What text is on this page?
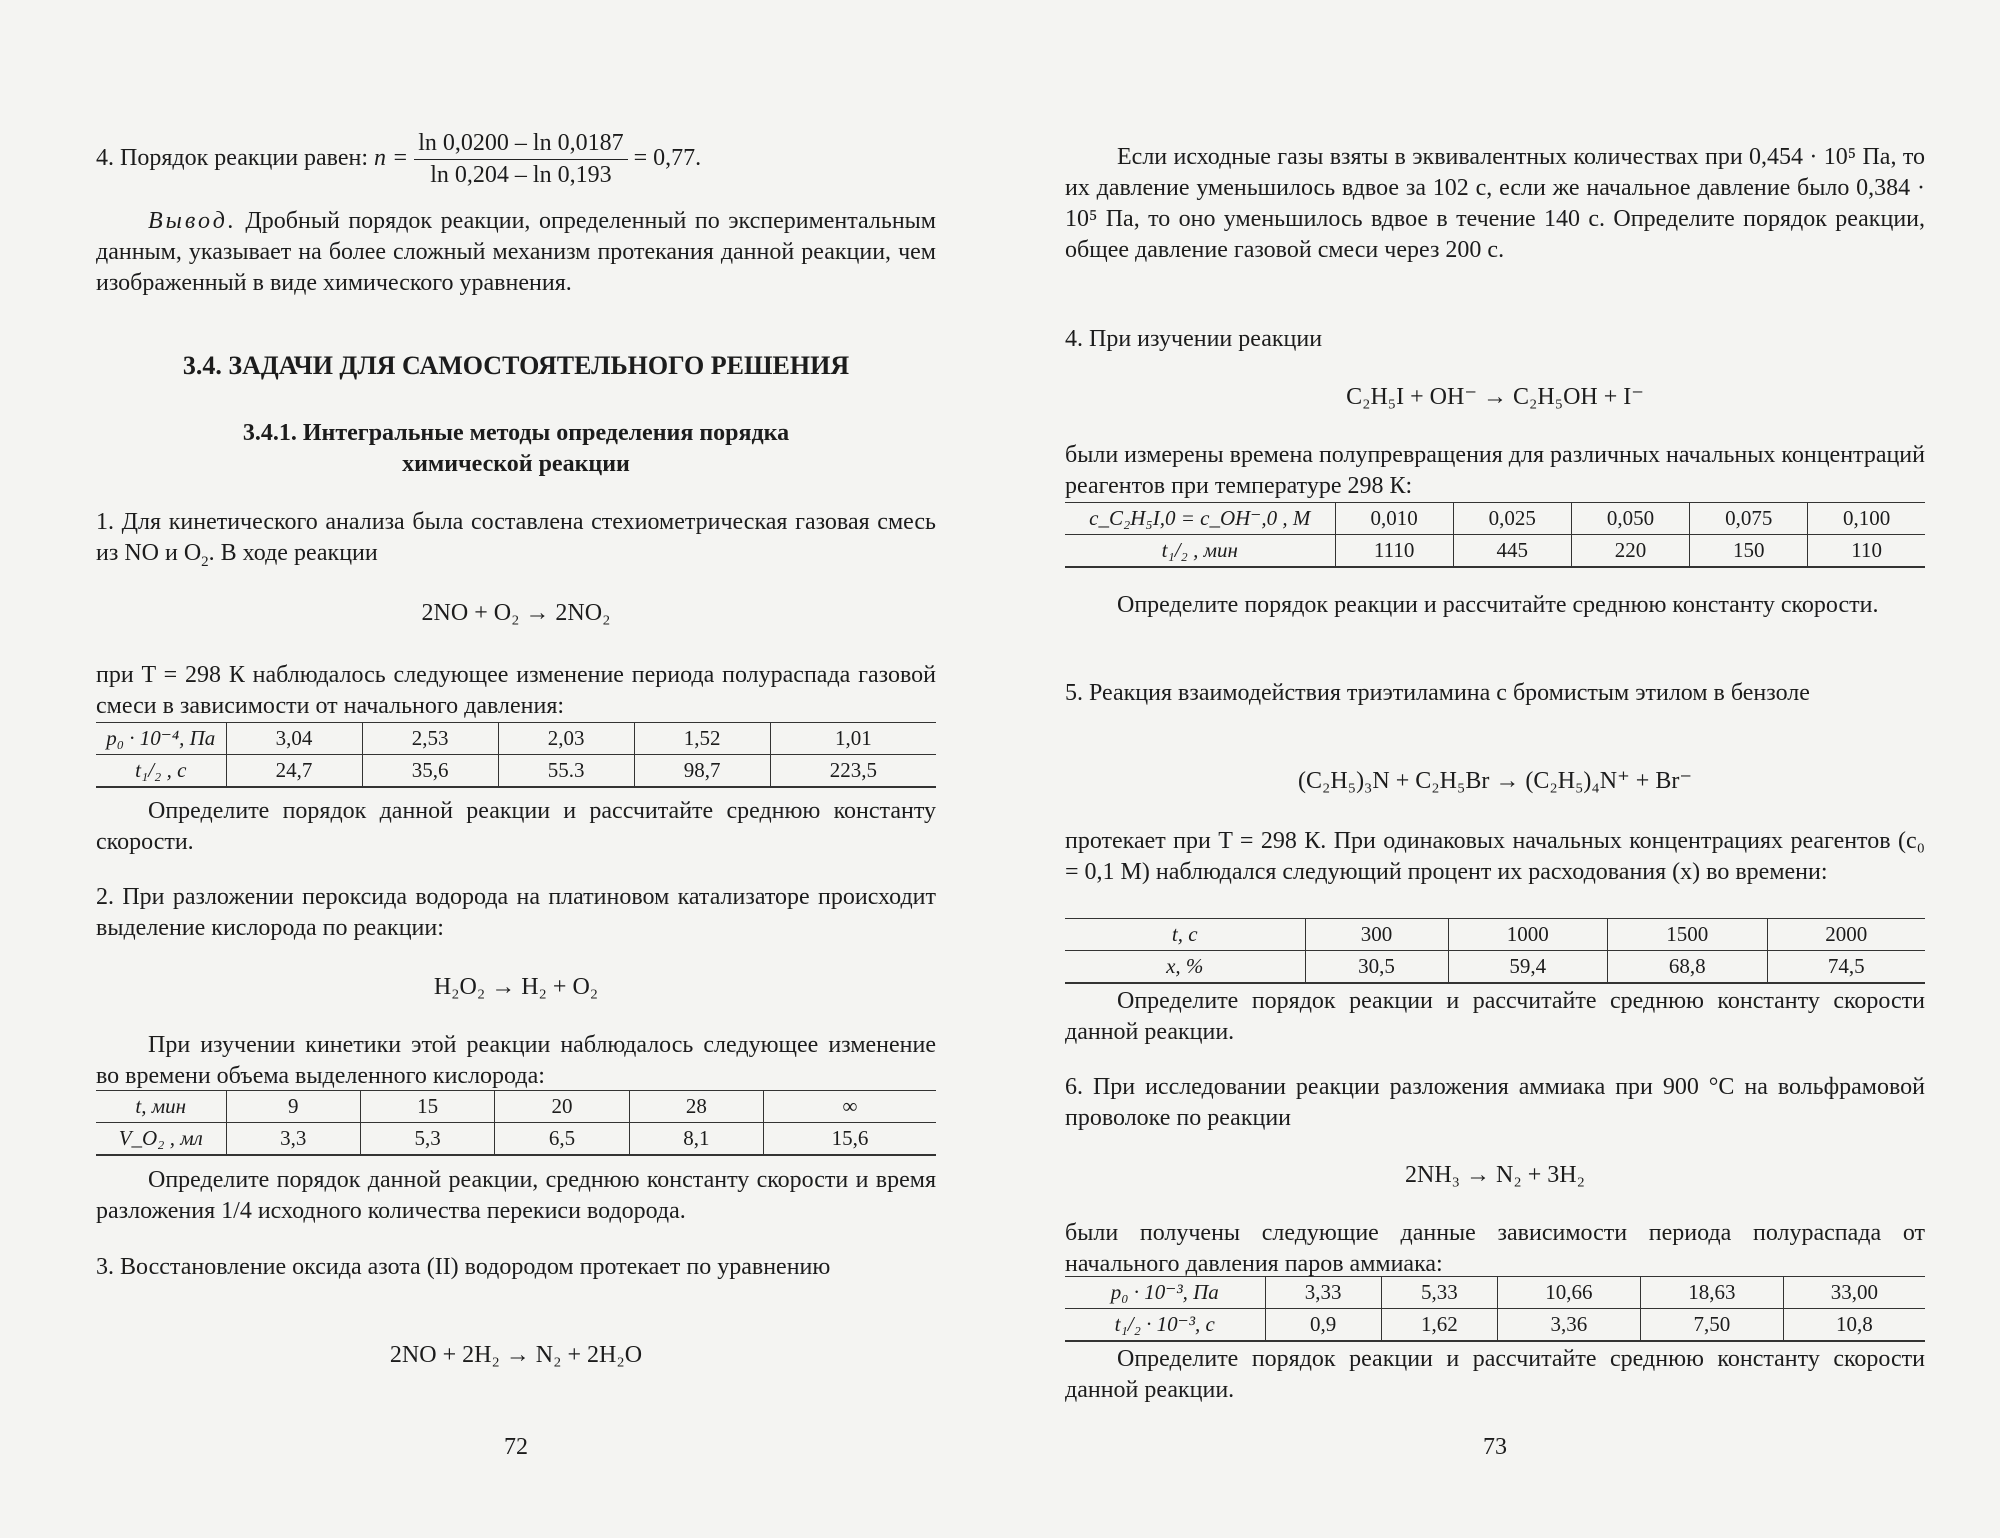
4. Порядок реакции равен: $n = \frac{\ln 0,0200 - \ln 0,0187}{\ln 0,204 - \ln 0,193} = 0,77$.

Вывод. Дробный порядок реакции, определенный по экспериментальным данным, указывает на более сложный механизм протекания данной реакции, чем изображенный в виде химического уравнения.

3.4. ЗАДАЧИ ДЛЯ САМОСТОЯТЕЛЬНОГО РЕШЕНИЯ
3.4.1. Интегральные методы определения порядка
химической реакции

1. Для кинетического анализа была составлена стехиометрическая газовая смесь из NO и $O_2$. В ходе реакции

2NO + O₂ → 2NO₂

при T = 298 К наблюдалось следующее изменение периода полураспада газовой смеси в зависимости от начального давления:

p₀ · 10⁻⁴, Па	3,04	2,53	2,03	1,52	1,01
t₁/₂ , с	24,7	35,6	55.3	98,7	223,5

Определите порядок данной реакции и рассчитайте среднюю константу скорости.

2. При разложении пероксида водорода на платиновом катализаторе происходит выделение кислорода по реакции:

H₂O₂ → H₂ + O₂

При изучении кинетики этой реакции наблюдалось следующее изменение во времени объема выделенного кислорода:

t, мин	9	15	20	28	∞
V_O₂ , мл	3,3	5,3	6,5	8,1	15,6

Определите порядок данной реакции, среднюю константу скорости и время разложения 1/4 исходного количества перекиси водорода.

3. Восстановление оксида азота (II) водородом протекает по уравнению

2NO + 2H₂ → N₂ + 2H₂O

72

Если исходные газы взяты в эквивалентных количествах при 0,454 · 10⁵ Па, то их давление уменьшилось вдвое за 102 с, если же начальное давление было 0,384 · 10⁵ Па, то оно уменьшилось вдвое в течение 140 с. Определите порядок реакции, общее давление газовой смеси через 200 с.

4. При изучении реакции

C₂H₅I + OH⁻ → C₂H₅OH + I⁻

были измерены времена полупревращения для различных начальных концентраций реагентов при температуре 298 К:

c_C₂H₅I,0 = c_OH⁻,0 , М	0,010	0,025	0,050	0,075	0,100
t₁/₂ , мин	1110	445	220	150	110

Определите порядок реакции и рассчитайте среднюю константу скорости.

5. Реакция взаимодействия триэтиламина с бромистым этилом в бензоле

(C₂H₅)₃N + C₂H₅Br → (C₂H₅)₄N⁺ + Br⁻

протекает при T = 298 К. При одинаковых начальных концентрациях реагентов (c₀ = 0,1 М) наблюдался следующий процент их расходования (x) во времени:

t, с	300	1000	1500	2000
x, %	30,5	59,4	68,8	74,5

Определите порядок реакции и рассчитайте среднюю константу скорости данной реакции.

6. При исследовании реакции разложения аммиака при 900 °С на вольфрамовой проволоке по реакции

2NH₃ → N₂ + 3H₂

были получены следующие данные зависимости периода полураспада от начального давления паров аммиака:

p₀ · 10⁻³, Па	3,33	5,33	10,66	18,63	33,00
t₁/₂ · 10⁻³, с	0,9	1,62	3,36	7,50	10,8

Определите порядок реакции и рассчитайте среднюю константу скорости данной реакции.

73
